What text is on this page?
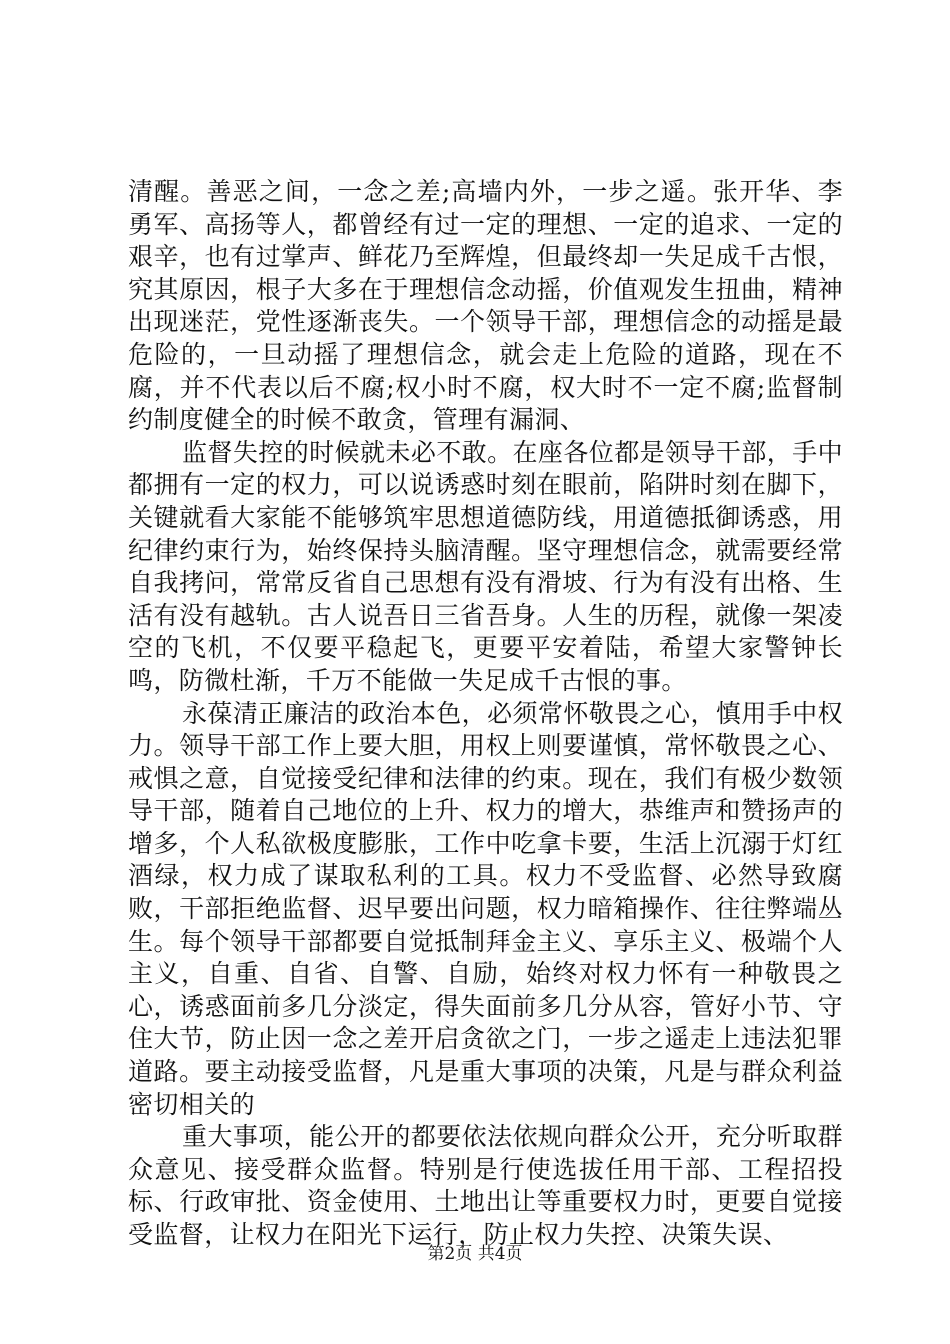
清醒。善恶之间，一念之差;高墙内外，一步之遥。张开华、李勇军、高扬等人，都曾经有过一定的理想、一定的追求、一定的艰辛，也有过掌声、鲜花乃至辉煌，但最终却一失足成千古恨，究其原因，根子大多在于理想信念动摇，价值观发生扭曲，精神出现迷茫，党性逐渐丧失。一个领导干部，理想信念的动摇是最危险的，一旦动摇了理想信念，就会走上危险的道路，现在不腐，并不代表以后不腐;权小时不腐，权大时不一定不腐;监督制约制度健全的时候不敢贪，管理有漏洞、

监督失控的时候就未必不敢。在座各位都是领导干部，手中都拥有一定的权力，可以说诱惑时刻在眼前，陷阱时刻在脚下，关键就看大家能不能够筑牢思想道德防线，用道德抵御诱惑，用纪律约束行为，始终保持头脑清醒。坚守理想信念，就需要经常自我拷问，常常反省自己思想有没有滑坡、行为有没有出格、生活有没有越轨。古人说吾日三省吾身。人生的历程，就像一架凌空的飞机，不仅要平稳起飞，更要平安着陆，希望大家警钟长鸣，防微杜渐，千万不能做一失足成千古恨的事。

永葆清正廉洁的政治本色，必须常怀敬畏之心，慎用手中权力。领导干部工作上要大胆，用权上则要谨慎，常怀敬畏之心、戒惧之意，自觉接受纪律和法律的约束。现在，我们有极少数领导干部，随着自己地位的上升、权力的增大，恭维声和赞扬声的增多，个人私欲极度膨胀，工作中吃拿卡要，生活上沉溺于灯红酒绿，权力成了谋取私利的工具。权力不受监督、必然导致腐败，干部拒绝监督、迟早要出问题，权力暗箱操作、往往弊端丛生。每个领导干部都要自觉抵制拜金主义、享乐主义、极端个人主义，自重、自省、自警、自励，始终对权力怀有一种敬畏之心，诱惑面前多几分淡定，得失面前多几分从容，管好小节、守住大节，防止因一念之差开启贪欲之门，一步之遥走上违法犯罪道路。要主动接受监督，凡是重大事项的决策，凡是与群众利益密切相关的

重大事项，能公开的都要依法依规向群众公开，充分听取群众意见、接受群众监督。特别是行使选拔任用干部、工程招投标、行政审批、资金使用、土地出让等重要权力时，更要自觉接受监督，让权力在阳光下运行，防止权力失控、决策失误、

第2页 共4页
